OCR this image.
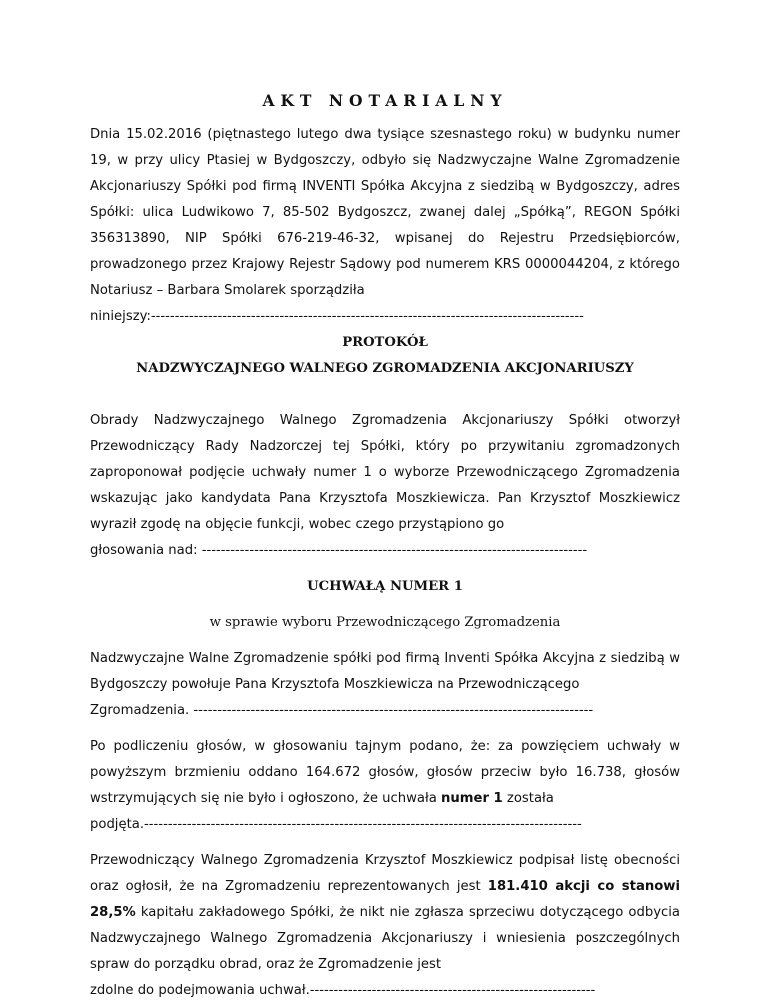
AKT NOTARIALNY

Dnia 15.02.2016 (piętnastego lutego dwa tysiące szesnastego roku) w budynku numer 19, w przy ulicy Ptasiej w Bydgoszczy, odbyło się Nadzwyczajne Walne Zgromadzenie Akcjonariuszy Spółki pod firmą INVENTI Spółka Akcyjna z siedzibą w Bydgoszczy, adres Spółki: ulica Ludwikowo 7, 85-502 Bydgoszcz, zwanej dalej „Spółką”, REGON Spółki 356313890, NIP Spółki 676-219-46-32, wpisanej do Rejestru Przedsiębiorców, prowadzonego przez Krajowy Rejestr Sądowy pod numerem KRS 0000044204, z którego Notariusz – Barbara Smolarek sporządziła

niniejszy:-------------------------------------------------------------------------------------------

PROTOKÓŁ

NADZWYCZAJNEGO WALNEGO ZGROMADZENIA AKCJONARIUSZY

Obrady Nadzwyczajnego Walnego Zgromadzenia Akcjonariuszy Spółki otworzył Przewodniczący Rady Nadzorczej tej Spółki, który po przywitaniu zgromadzonych zaproponował podjęcie uchwały numer 1 o wyborze Przewodniczącego Zgromadzenia wskazując jako kandydata Pana Krzysztofa Moszkiewicza. Pan Krzysztof Moszkiewicz wyraził zgodę na objęcie funkcji, wobec czego przystąpiono go

głosowania nad: ---------------------------------------------------------------------------------

UCHWAŁĄ NUMER 1

w sprawie wyboru Przewodniczącego Zgromadzenia

Nadzwyczajne Walne Zgromadzenie spółki pod firmą Inventi Spółka Akcyjna z siedzibą w Bydgoszczy powołuje Pana Krzysztofa Moszkiewicza na Przewodniczącego

Zgromadzenia. ------------------------------------------------------------------------------------

Po podliczeniu głosów, w głosowaniu tajnym podano, że: za powzięciem uchwały w powyższym brzmieniu oddano 164.672 głosów, głosów przeciw było 16.738, głosów wstrzymujących się nie było i ogłoszono, że uchwała numer 1 została

podjęta.--------------------------------------------------------------------------------------------

Przewodniczący Walnego Zgromadzenia Krzysztof Moszkiewicz podpisał listę obecności oraz ogłosił, że na Zgromadzeniu reprezentowanych jest 181.410 akcji co stanowi 28,5% kapitału zakładowego Spółki, że nikt nie zgłasza sprzeciwu dotyczącego odbycia Nadzwyczajnego Walnego Zgromadzenia Akcjonariuszy i wniesienia poszczególnych spraw do porządku obrad, oraz że Zgromadzenie jest

zdolne do podejmowania uchwał.------------------------------------------------------------
